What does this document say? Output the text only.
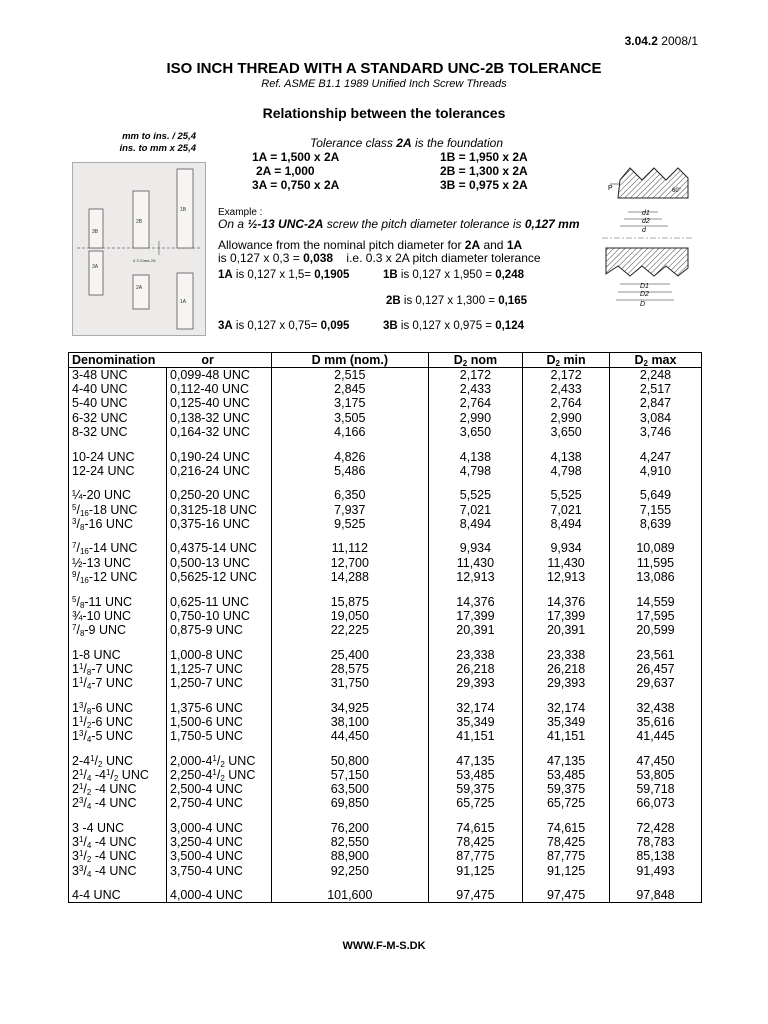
3.04.2 2008/1
ISO INCH THREAD WITH A STANDARD UNC-2B TOLERANCE
Ref. ASME B1.1 1989 Unified Inch Screw Threads
Relationship between the tolerances
mm to ins. / 25,4
ins. to mm x 25,4
3B
2B
1B
3A
2A
1A
0.3 Class 2A
Tolerance class 2A is the foundation
1A = 1,500 x 2A
2A = 1,000
3A = 0,750 x 2A
1B = 1,950 x 2A
2B = 1,300 x 2A
3B = 0,975 x 2A
Example :
On a ½-13 UNC-2A screw the pitch diameter tolerance is 0,127 mm
Allowance from the nominal pitch diameter for 2A and 1A
is 0,127 x 0,3 = 0,038    i.e. 0.3 x 2A pitch diameter tolerance
1A is 0,127 x 1,5= 0,1905	1B is 0,127 x 1,950 = 0,248
2B is 0,127 x 1,300 = 0,165
3A is 0,127 x 0,75= 0,095	3B is 0,127 x 0,975 = 0,124
P	60°
d1
d2
d
D1
D2
D
Denomination or		D mm (nom.)	$D_2$ nom	$D_2$ min	$D_2$ max
3-48 UNC	0,099-48 UNC	2,515	2,172	2,172	2,248
4-40 UNC	0,112-40 UNC	2,845	2,433	2,433	2,517
5-40 UNC	0,125-40 UNC	3,175	2,764	2,764	2,847
6-32 UNC	0,138-32 UNC	3,505	2,990	2,990	3,084
8-32 UNC	0,164-32 UNC	4,166	3,650	3,650	3,746

10-24 UNC	0,190-24 UNC	4,826	4,138	4,138	4,247
12-24 UNC	0,216-24 UNC	5,486	4,798	4,798	4,910

¼-20 UNC	0,250-20 UNC	6,350	5,525	5,525	5,649
$^5/_{16}-18$ UNC	0,3125-18 UNC	7,937	7,021	7,021	7,155
$^3/_8-16$ UNC	0,375-16 UNC	9,525	8,494	8,494	8,639

$^7/_{16}-14$ UNC	0,4375-14 UNC	11,112	9,934	9,934	10,089
½-13 UNC	0,500-13 UNC	12,700	11,430	11,430	11,595
$^9/_{16}-12$ UNC	0,5625-12 UNC	14,288	12,913	12,913	13,086

$^5/_8-11$ UNC	0,625-11 UNC	15,875	14,376	14,376	14,559
¾-10 UNC	0,750-10 UNC	19,050	17,399	17,399	17,595
$^7/_8-9$ UNC	0,875-9 UNC	22,225	20,391	20,391	20,599

1-8 UNC	1,000-8 UNC	25,400	23,338	23,338	23,561
$1^1/_8-7$ UNC	1,125-7 UNC	28,575	26,218	26,218	26,457
$1^1/_4-7$ UNC	1,250-7 UNC	31,750	29,393	29,393	29,637

$1^3/_8-6$ UNC	1,375-6 UNC	34,925	32,174	32,174	32,438
$1^1/_2-6$ UNC	1,500-6 UNC	38,100	35,349	35,349	35,616
$1^3/_4-5$ UNC	1,750-5 UNC	44,450	41,151	41,151	41,445

$2-4^1/_2$ UNC	$2,000-4^1/_2$ UNC	50,800	47,135	47,135	47,450
$2^1/_4$ $-4^1/_2$ UNC	$2,250-4^1/_2$ UNC	57,150	53,485	53,485	53,805
$2^1/_2$ -4 UNC	2,500-4 UNC	63,500	59,375	59,375	59,718
$2^3/_4$ -4 UNC	2,750-4 UNC	69,850	65,725	65,725	66,073

3 -4 UNC	3,000-4 UNC	76,200	74,615	74,615	72,428
$3^1/_4$ -4 UNC	3,250-4 UNC	82,550	78,425	78,425	78,783
$3^1/_2$ -4 UNC	3,500-4 UNC	88,900	87,775	87,775	85,138
$3^3/_4$ -4 UNC	3,750-4 UNC	92,250	91,125	91,125	91,493

4-4 UNC	4,000-4 UNC	101,600	97,475	97,475	97,848
WWW.F-M-S.DK
